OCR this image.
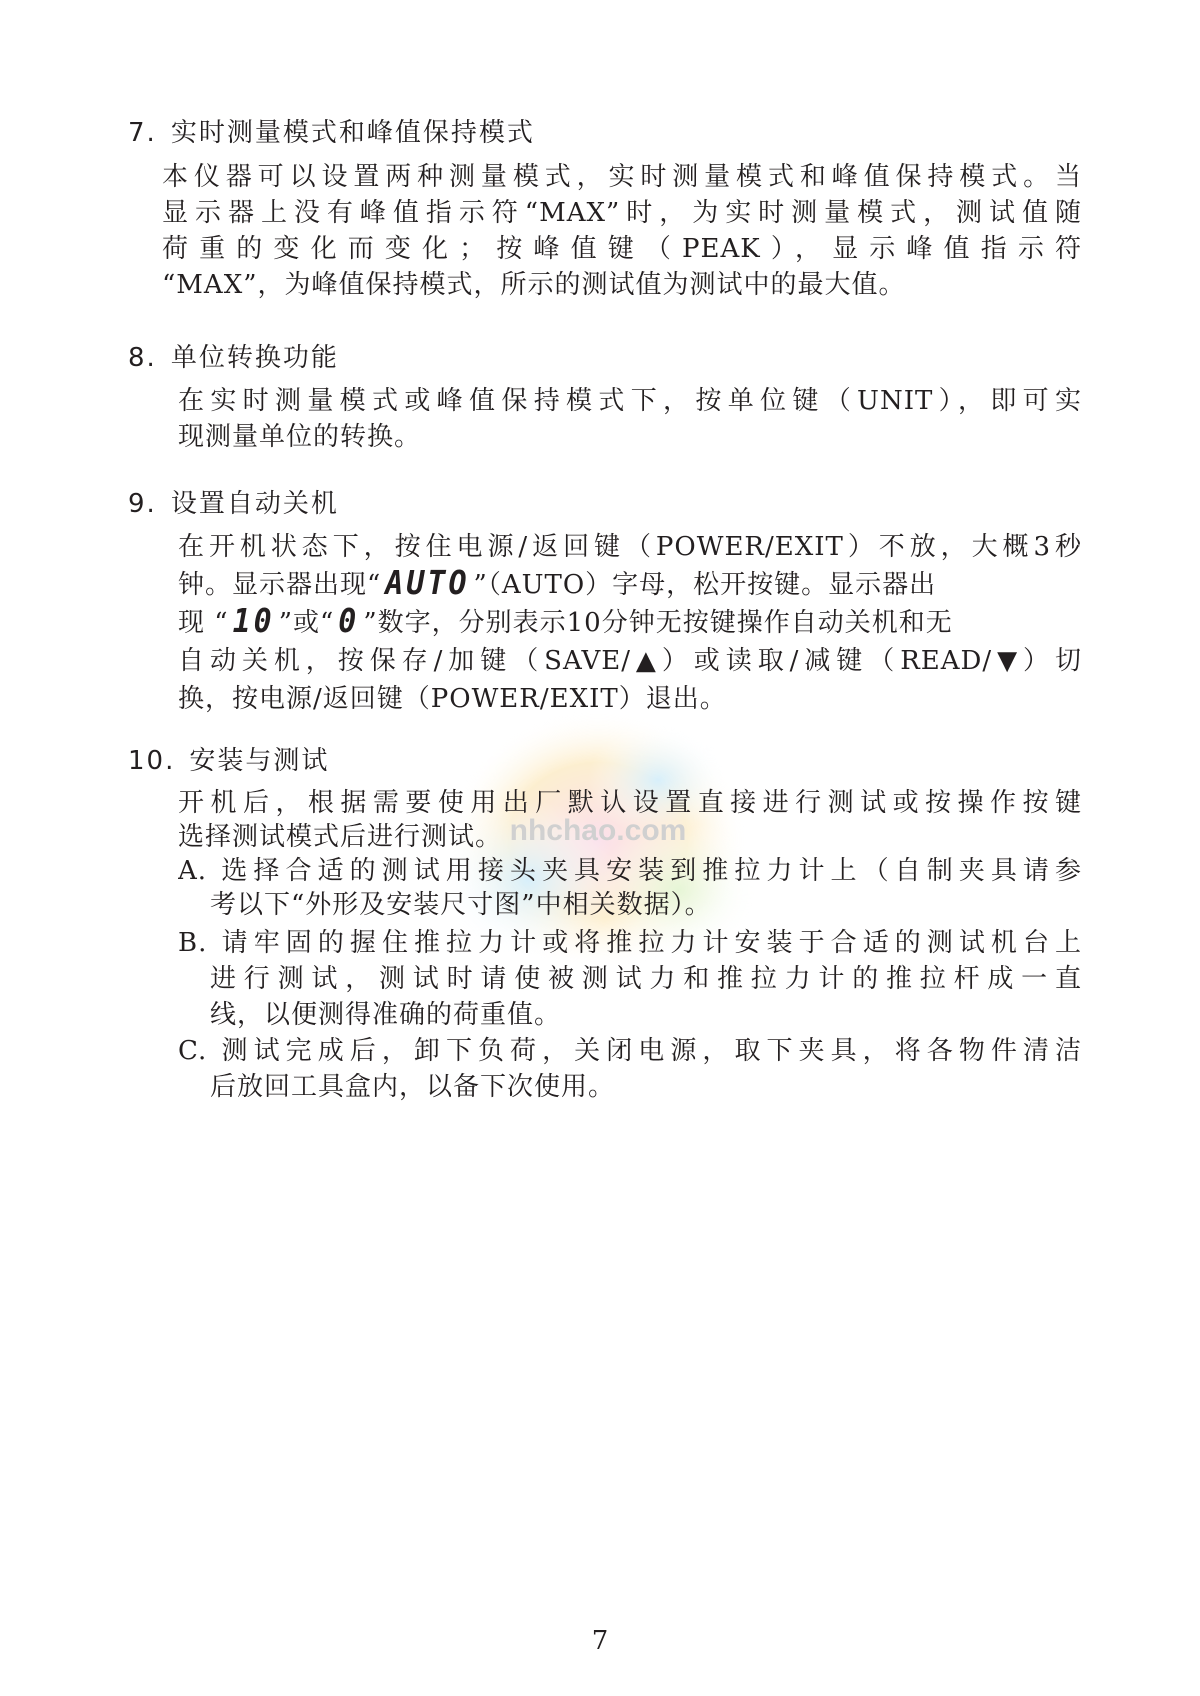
nhchao.com
7. 实时测量模式和峰值保持模式
本仪器可以设置两种测量模式，实时测量模式和峰值保持模式。当
显示器上没有峰值指示符“MAX”时，为实时测量模式，测试值随
荷重的变化而变化；按峰值键（PEAK），显示峰值指示符
“MAX”，为峰值保持模式，所示的测试值为测试中的最大值。
8. 单位转换功能
在实时测量模式或峰值保持模式下，按单位键（UNIT），即可实
现测量单位的转换。
9. 设置自动关机
在开机状态下，按住电源/返回键（POWER/EXIT）不放，大概3秒
钟。显示器出现“ AUTO ”（AUTO）字母，松开按键。显示器出
现 “ 10 ”或“ 0 ”数字，分别表示10分钟无按键操作自动关机和无
自动关机，按保存/加键（SAVE/▲）或读取/减键（READ/▼）切
换，按电源/返回键（POWER/EXIT）退出。
10. 安装与测试
开机后，根据需要使用出厂默认设置直接进行测试或按操作按键
选择测试模式后进行测试。
A. 选择合适的测试用接头夹具安装到推拉力计上（自制夹具请参
考以下“外形及安装尺寸图”中相关数据）。
B. 请牢固的握住推拉力计或将推拉力计安装于合适的测试机台上
进行测试，测试时请使被测试力和推拉力计的推拉杆成一直
线，以便测得准确的荷重值。
C. 测试完成后，卸下负荷，关闭电源，取下夹具，将各物件清洁
后放回工具盒内，以备下次使用。
7
